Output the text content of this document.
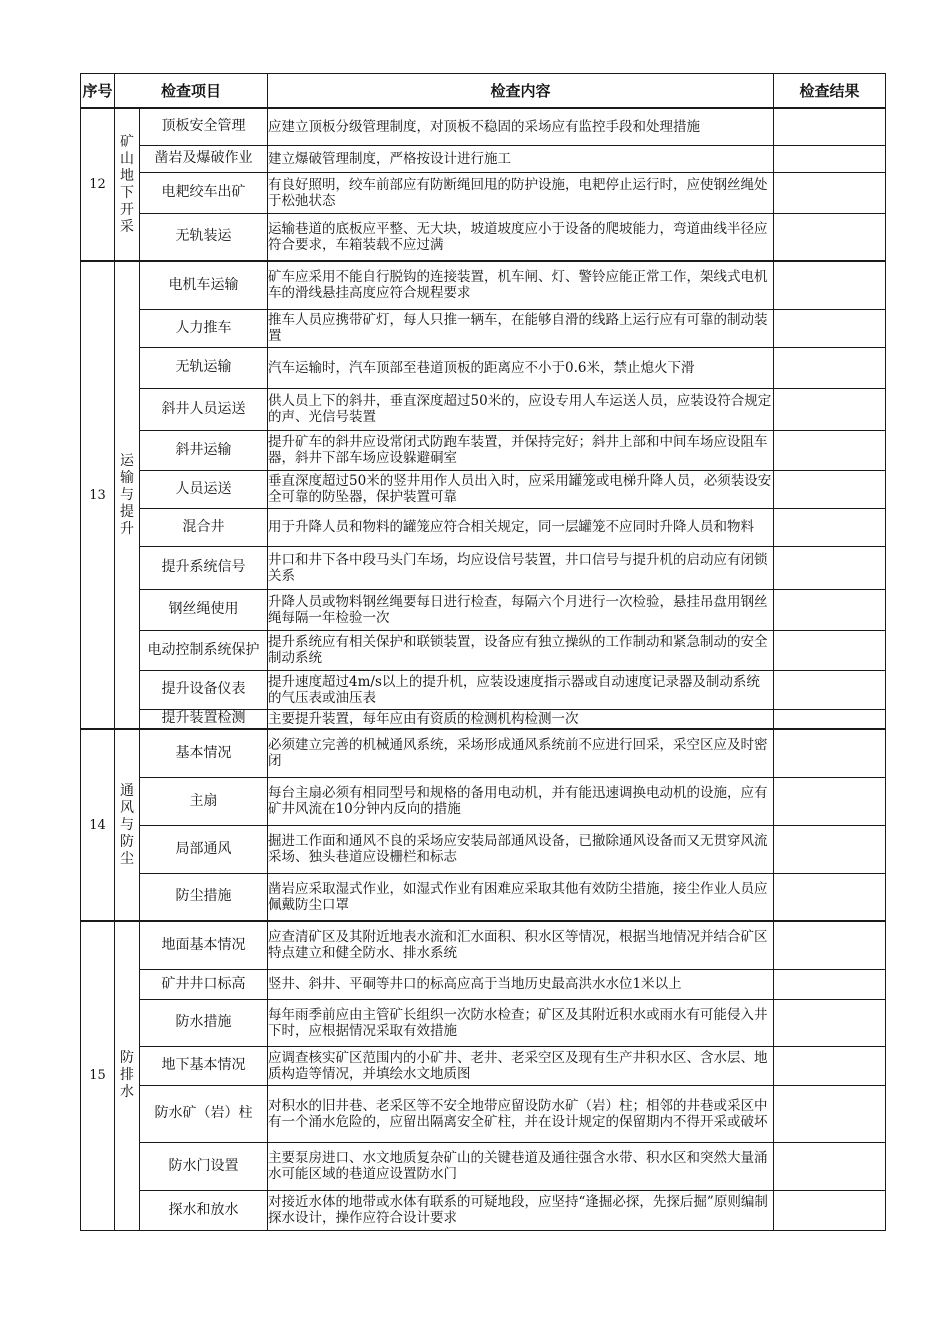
序号	检查项目		检查内容	检查结果
12	矿山地下开采	顶板安全管理	应建立顶板分级管理制度，对顶板不稳固的采场应有监控手段和处理措施	
		凿岩及爆破作业	建立爆破管理制度，严格按设计进行施工	
		电耙绞车出矿	有良好照明，绞车前部应有防断绳回甩的防护设施，电耙停止运行时，应使钢丝绳处于松弛状态	
		无轨装运	运输巷道的底板应平整、无大块，坡道坡度应小于设备的爬坡能力，弯道曲线半径应符合要求，车箱装载不应过满	
13	运输与提升	电机车运输	矿车应采用不能自行脱钩的连接装置，机车闸、灯、警铃应能正常工作，架线式电机车的滑线悬挂高度应符合规程要求	
		人力推车	推车人员应携带矿灯，每人只推一辆车，在能够自滑的线路上运行应有可靠的制动装置	
		无轨运输	汽车运输时，汽车顶部至巷道顶板的距离应不小于0.6米，禁止熄火下滑	
		斜井人员运送	供人员上下的斜井，垂直深度超过50米的，应设专用人车运送人员，应装设符合规定的声、光信号装置	
		斜井运输	提升矿车的斜井应设常闭式防跑车装置，并保持完好；斜井上部和中间车场应设阻车器，斜井下部车场应设躲避硐室	
		人员运送	垂直深度超过50米的竖井用作人员出入时，应采用罐笼或电梯升降人员，必须装设安全可靠的防坠器，保护装置可靠	
		混合井	用于升降人员和物料的罐笼应符合相关规定，同一层罐笼不应同时升降人员和物料	
		提升系统信号	井口和井下各中段马头门车场，均应设信号装置，井口信号与提升机的启动应有闭锁关系	
		钢丝绳使用	升降人员或物料钢丝绳要每日进行检查，每隔六个月进行一次检验，悬挂吊盘用钢丝绳每隔一年检验一次	
		电动控制系统保护	提升系统应有相关保护和联锁装置，设备应有独立操纵的工作制动和紧急制动的安全制动系统	
		提升设备仪表	提升速度超过4m/s以上的提升机，应装设速度指示器或自动速度记录器及制动系统的气压表或油压表	
		提升装置检测	主要提升装置，每年应由有资质的检测机构检测一次	
14	通风与防尘	基本情况	必须建立完善的机械通风系统，采场形成通风系统前不应进行回采，采空区应及时密闭	
		主扇	每台主扇必须有相同型号和规格的备用电动机，并有能迅速调换电动机的设施，应有矿井风流在10分钟内反向的措施	
		局部通风	掘进工作面和通风不良的采场应安装局部通风设备，已撤除通风设备而又无贯穿风流采场、独头巷道应设栅栏和标志	
		防尘措施	凿岩应采取湿式作业，如湿式作业有困难应采取其他有效防尘措施，接尘作业人员应佩戴防尘口罩	
15	防排水	地面基本情况	应查清矿区及其附近地表水流和汇水面积、积水区等情况，根据当地情况并结合矿区特点建立和健全防水、排水系统	
		矿井井口标高	竖井、斜井、平硐等井口的标高应高于当地历史最高洪水水位1米以上	
		防水措施	每年雨季前应由主管矿长组织一次防水检查；矿区及其附近积水或雨水有可能侵入井下时，应根据情况采取有效措施	
		地下基本情况	应调查核实矿区范围内的小矿井、老井、老采空区及现有生产井积水区、含水层、地质构造等情况，并填绘水文地质图	
		防水矿（岩）柱	对积水的旧井巷、老采区等不安全地带应留设防水矿（岩）柱；相邻的井巷或采区中有一个涌水危险的，应留出隔离安全矿柱，并在设计规定的保留期内不得开采或破坏	
		防水门设置	主要泵房进口、水文地质复杂矿山的关键巷道及通往强含水带、积水区和突然大量涌水可能区域的巷道应设置防水门	
		探水和放水	对接近水体的地带或水体有联系的可疑地段，应坚持“逢掘必探，先探后掘”原则编制探水设计，操作应符合设计要求	
